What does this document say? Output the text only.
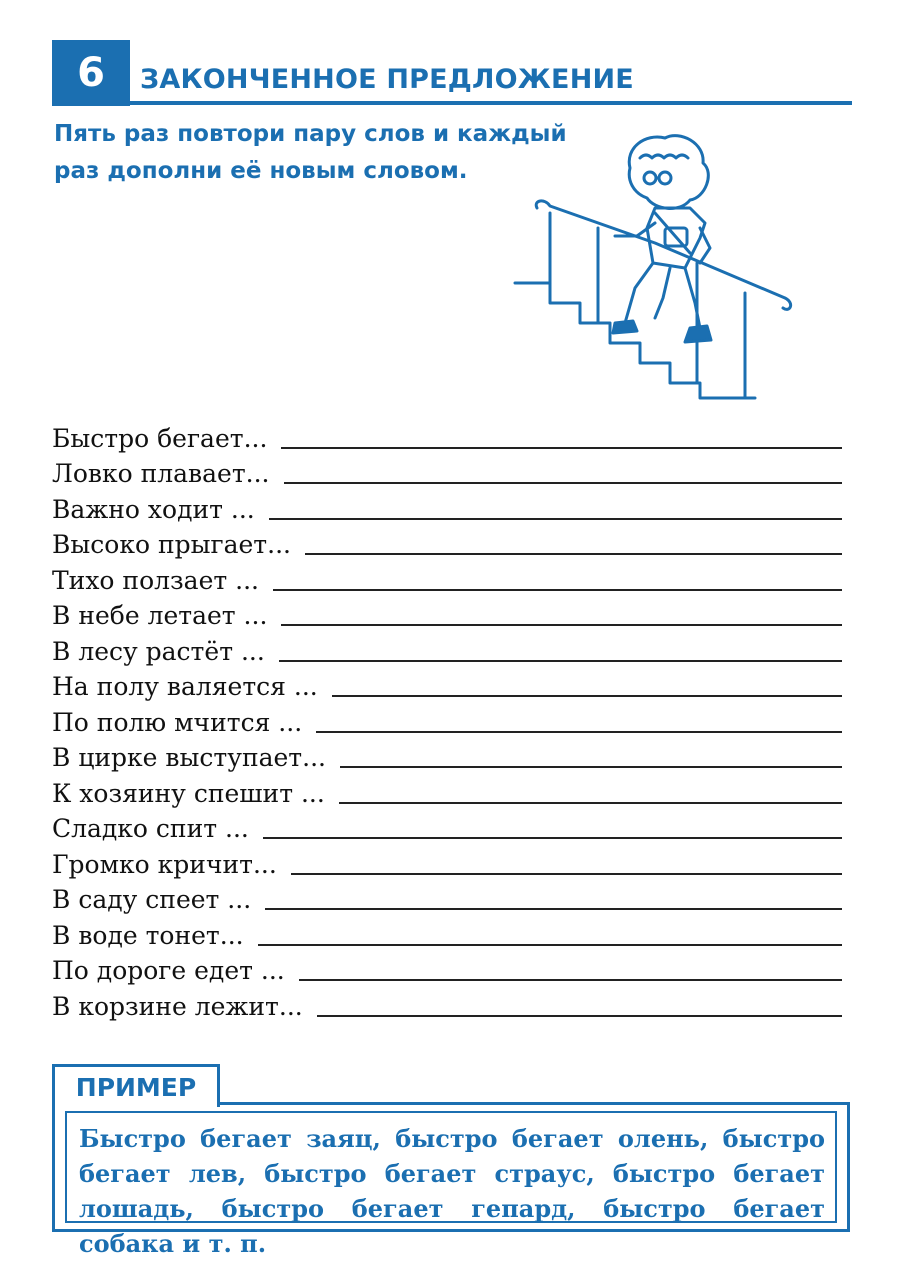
6	ЗАКОНЧЕННОЕ ПРЕДЛОЖЕНИЕ
Пять раз повтори пару слов и каждый
раз дополни её новым словом.
Быстро бегает...
Ловко плавает...
Важно ходит ...
Высоко прыгает...
Тихо ползает ...
В небе летает ...
В лесу растёт ...
На полу валяется ...
По полю мчится ...
В цирке выступает...
К хозяину спешит ...
Сладко спит ...
Громко кричит...
В саду спеет ...
В воде тонет...
По дороге едет ...
В корзине лежит...
ПРИМЕР
Быстро бегает заяц, быстро бегает олень, быстро бегает лев, быстро бегает страус, быстро бегает лошадь, быстро бегает гепард, быстро бегает собака и т. п.
